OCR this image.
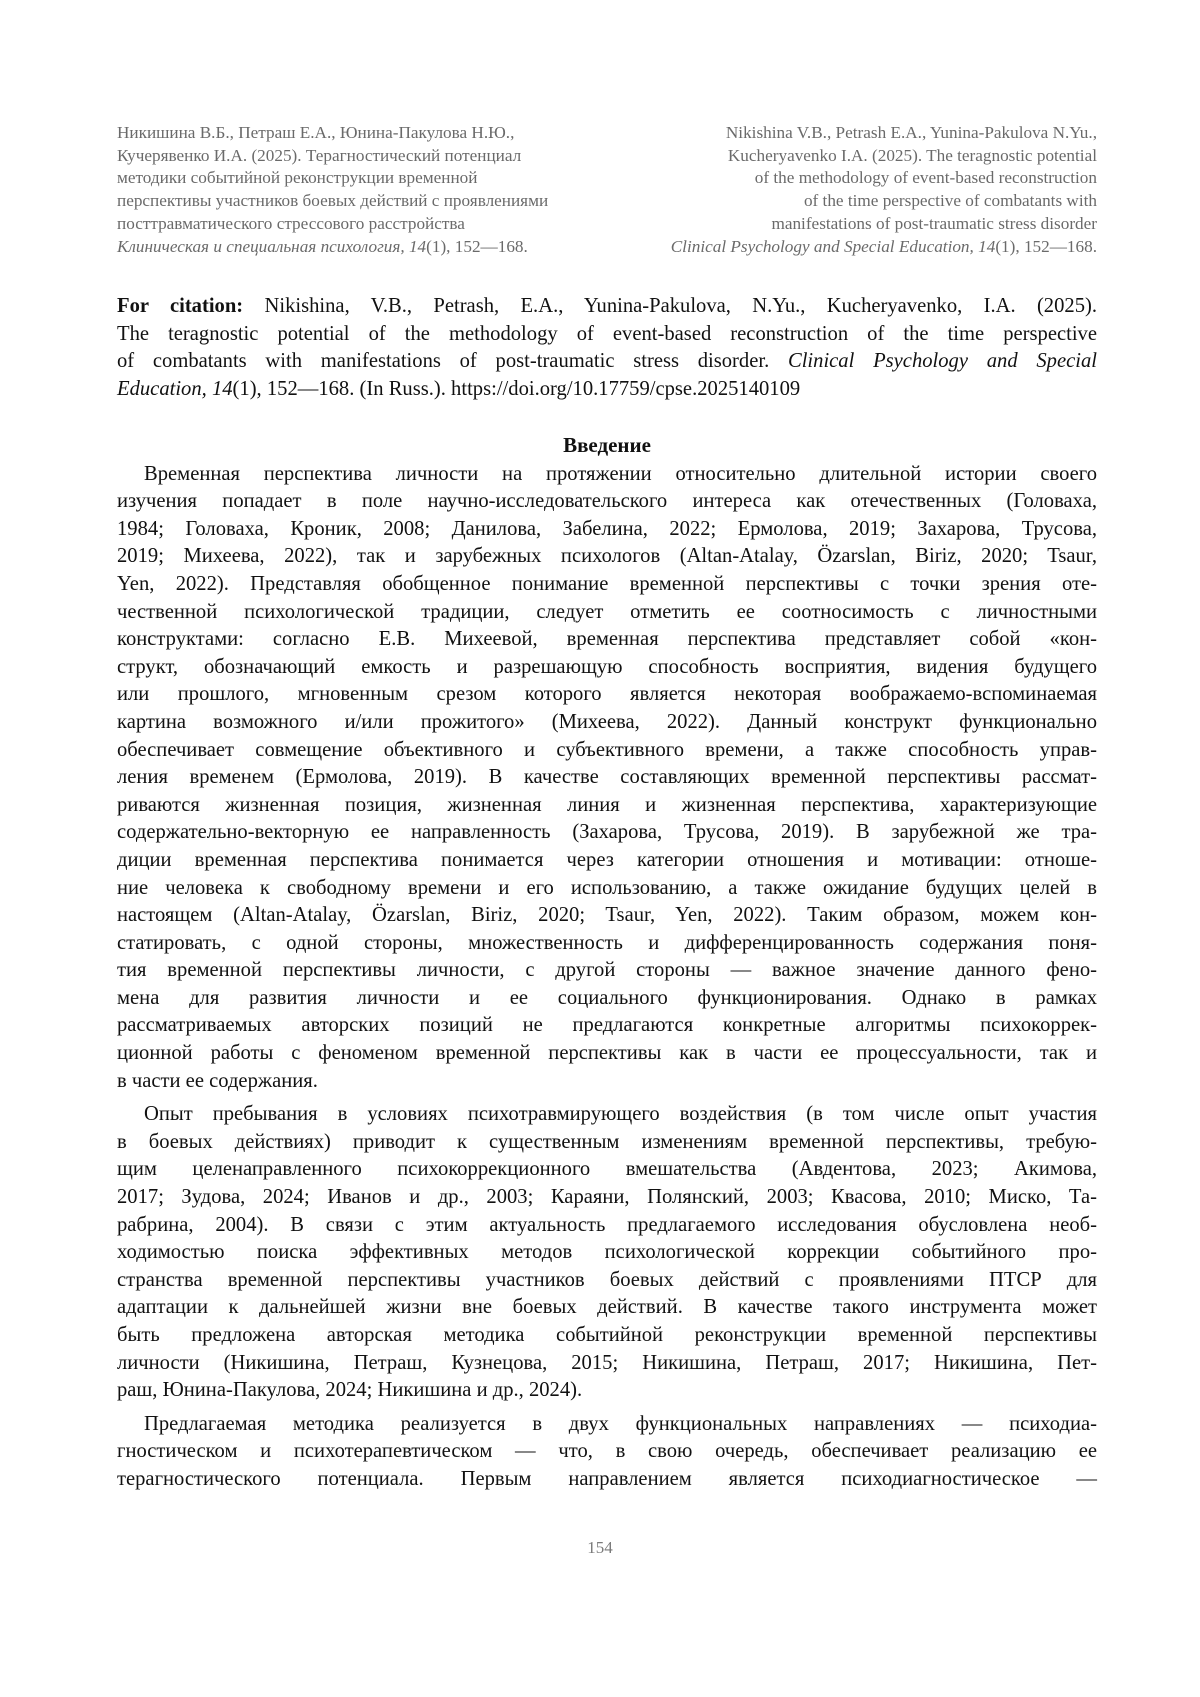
Никишина В.Б., Петраш Е.А., Юнина-Пакулова Н.Ю.,
Кучерявенко И.А. (2025). Терагностический потенциал
методики событийной реконструкции временной
перспективы участников боевых действий с проявлениями
посттравматического стрессового расстройства
Клиническая и специальная психология, 14(1), 152—168.
Nikishina V.B., Petrash E.A., Yunina-Pakulova N.Yu.,
Kucheryavenko I.A. (2025). The teragnostic potential
of the methodology of event-based reconstruction
of the time perspective of combatants with
manifestations of post-traumatic stress disorder
Clinical Psychology and Special Education, 14(1), 152—168.
For citation: Nikishina, V.B., Petrash, E.A., Yunina-Pakulova, N.Yu., Kucheryavenko, I.A. (2025).
The teragnostic potential of the methodology of event-based reconstruction of the time perspective
of combatants with manifestations of post-traumatic stress disorder. Clinical Psychology and Special
Education, 14(1), 152—168. (In Russ.). https://doi.org/10.17759/cpse.2025140109
Введение
Временная перспектива личности на протяжении относительно длительной истории своего
изучения попадает в поле научно-исследовательского интереса как отечественных (Головаха,
1984; Головаха, Кроник, 2008; Данилова, Забелина, 2022; Ермолова, 2019; Захарова, Трусова,
2019; Михеева, 2022), так и зарубежных психологов (Altan-Atalay, Özarslan, Biriz, 2020; Tsaur,
Yen, 2022). Представляя обобщенное понимание временной перспективы с точки зрения оте-
чественной психологической традиции, следует отметить ее соотносимость с личностными
конструктами: согласно Е.В. Михеевой, временная перспектива представляет собой «кон-
структ, обозначающий емкость и разрешающую способность восприятия, видения будущего
или прошлого, мгновенным срезом которого является некоторая воображаемо-вспоминаемая
картина возможного и/или прожитого» (Михеева, 2022). Данный конструкт функционально
обеспечивает совмещение объективного и субъективного времени, а также способность управ-
ления временем (Ермолова, 2019). В качестве составляющих временной перспективы рассмат-
риваются жизненная позиция, жизненная линия и жизненная перспектива, характеризующие
содержательно-векторную ее направленность (Захарова, Трусова, 2019). В зарубежной же тра-
диции временная перспектива понимается через категории отношения и мотивации: отноше-
ние человека к свободному времени и его использованию, а также ожидание будущих целей в
настоящем (Altan-Atalay, Özarslan, Biriz, 2020; Tsaur, Yen, 2022). Таким образом, можем кон-
статировать, с одной стороны, множественность и дифференцированность содержания поня-
тия временной перспективы личности, с другой стороны — важное значение данного фено-
мена для развития личности и ее социального функционирования. Однако в рамках
рассматриваемых авторских позиций не предлагаются конкретные алгоритмы психокоррек-
ционной работы с феноменом временной перспективы как в части ее процессуальности, так и
в части ее содержания.
Опыт пребывания в условиях психотравмирующего воздействия (в том числе опыт участия
в боевых действиях) приводит к существенным изменениям временной перспективы, требую-
щим целенаправленного психокоррекционного вмешательства (Авдентова, 2023; Акимова,
2017; Зудова, 2024; Иванов и др., 2003; Караяни, Полянский, 2003; Квасова, 2010; Миско, Та-
рабрина, 2004). В связи с этим актуальность предлагаемого исследования обусловлена необ-
ходимостью поиска эффективных методов психологической коррекции событийного про-
странства временной перспективы участников боевых действий с проявлениями ПТСР для
адаптации к дальнейшей жизни вне боевых действий. В качестве такого инструмента может
быть предложена авторская методика событийной реконструкции временной перспективы
личности (Никишина, Петраш, Кузнецова, 2015; Никишина, Петраш, 2017; Никишина, Пет-
раш, Юнина-Пакулова, 2024; Никишина и др., 2024).
Предлагаемая методика реализуется в двух функциональных направлениях — психодиа-
гностическом и психотерапевтическом — что, в свою очередь, обеспечивает реализацию ее
терагностического потенциала. Первым направлением является психодиагностическое —
154
